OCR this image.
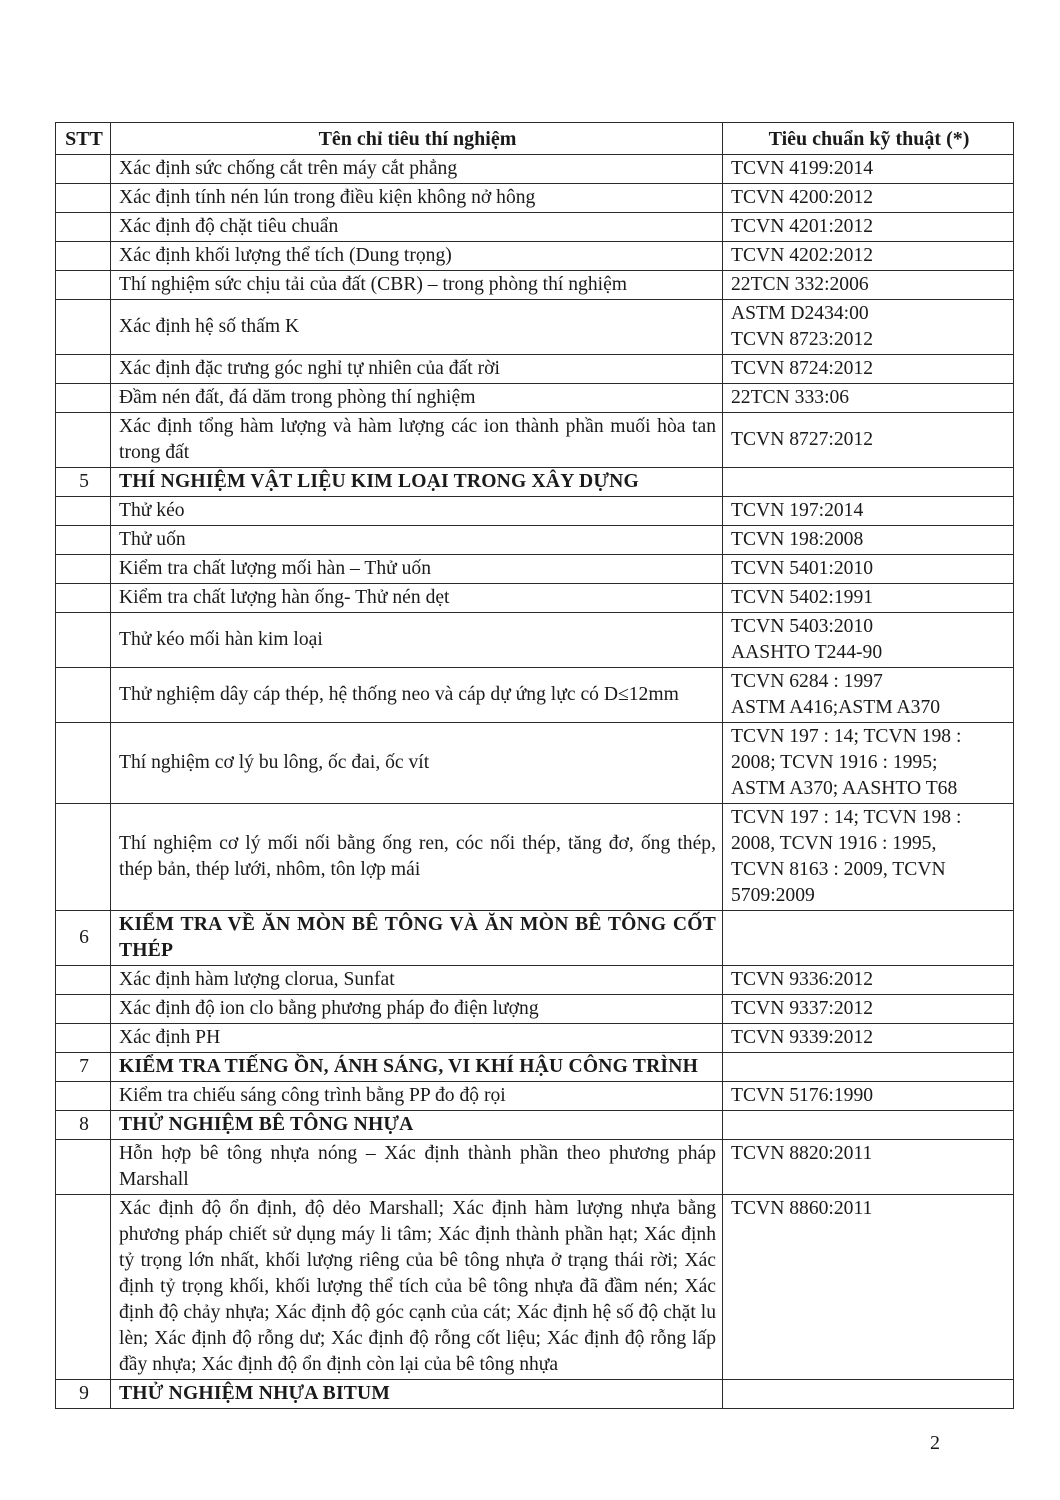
STT	Tên chỉ tiêu thí nghiệm	Tiêu chuẩn kỹ thuật (*)
	Xác định sức chống cắt trên máy cắt phẳng	TCVN 4199:2014

	Xác định tính nén lún trong điều kiện không nở hông	TCVN 4200:2012

	Xác định độ chặt tiêu chuẩn	TCVN 4201:2012

	Xác định khối lượng thể tích (Dung trọng)	TCVN 4202:2012

	Thí nghiệm sức chịu tải của đất (CBR) – trong phòng thí nghiệm	22TCN 332:2006

	Xác định hệ số thấm K	ASTM D2434:00
TCVN 8723:2012

	Xác định đặc trưng góc nghỉ tự nhiên của đất rời	TCVN 8724:2012

	Đầm nén đất, đá dăm trong phòng thí nghiệm	22TCN 333:06

	Xác định tổng hàm lượng và hàm lượng các ion thành phần muối hòa tan trong đất	TCVN 8727:2012

5	THÍ NGHIỆM VẬT LIỆU KIM LOẠI TRONG XÂY DỰNG	
	Thử kéo	TCVN 197:2014

	Thử uốn	TCVN 198:2008

	Kiểm tra chất lượng mối hàn – Thử uốn	TCVN 5401:2010

	Kiểm tra chất lượng hàn ống- Thử nén dẹt	TCVN 5402:1991

	Thử kéo mối hàn kim loại	TCVN 5403:2010
AASHTO T244-90

	Thử nghiệm dây cáp thép, hệ thống neo và cáp dự ứng lực có D≤12mm	TCVN 6284 : 1997
ASTM A416;ASTM A370

	Thí nghiệm cơ lý bu lông, ốc đai, ốc vít	TCVN 197 : 14; TCVN 198 :
2008; TCVN 1916 : 1995;
ASTM A370; AASHTO T68

	Thí nghiệm cơ lý mối nối bằng ống ren, cóc nối thép, tăng đơ, ống thép, thép bản, thép lưới, nhôm, tôn lợp mái	TCVN 197 : 14; TCVN 198 :
2008, TCVN 1916 : 1995,
TCVN 8163 : 2009, TCVN
5709:2009

6	KIỂM TRA VỀ ĂN MÒN BÊ TÔNG VÀ ĂN MÒN BÊ TÔNG CỐT THÉP	
	Xác định hàm lượng clorua, Sunfat	TCVN 9336:2012

	Xác định độ ion clo bằng phương pháp đo điện lượng	TCVN 9337:2012

	Xác định PH	TCVN 9339:2012

7	KIỂM TRA TIẾNG ỒN, ÁNH SÁNG, VI KHÍ HẬU CÔNG TRÌNH	
	Kiểm tra chiếu sáng công trình bằng PP đo độ rọi	TCVN 5176:1990

8	THỬ NGHIỆM BÊ TÔNG NHỰA	
	Hỗn hợp bê tông nhựa nóng – Xác định thành phần theo phương pháp Marshall	TCVN 8820:2011

	Xác định độ ổn định, độ dẻo Marshall; Xác định hàm lượng nhựa bằng phương pháp chiết sử dụng máy li tâm; Xác định thành phần hạt; Xác định tỷ trọng lớn nhất, khối lượng riêng của bê tông nhựa ở trạng thái rời; Xác định tỷ trọng khối, khối lượng thể tích của bê tông nhựa đã đầm nén; Xác định độ chảy nhựa; Xác định độ góc cạnh của cát; Xác định hệ số độ chặt lu lèn; Xác định độ rỗng dư; Xác định độ rỗng cốt liệu; Xác định độ rỗng lấp đầy nhựa; Xác định độ ổn định còn lại của bê tông nhựa	TCVN 8860:2011

9	THỬ NGHIỆM NHỰA BITUM	
2
